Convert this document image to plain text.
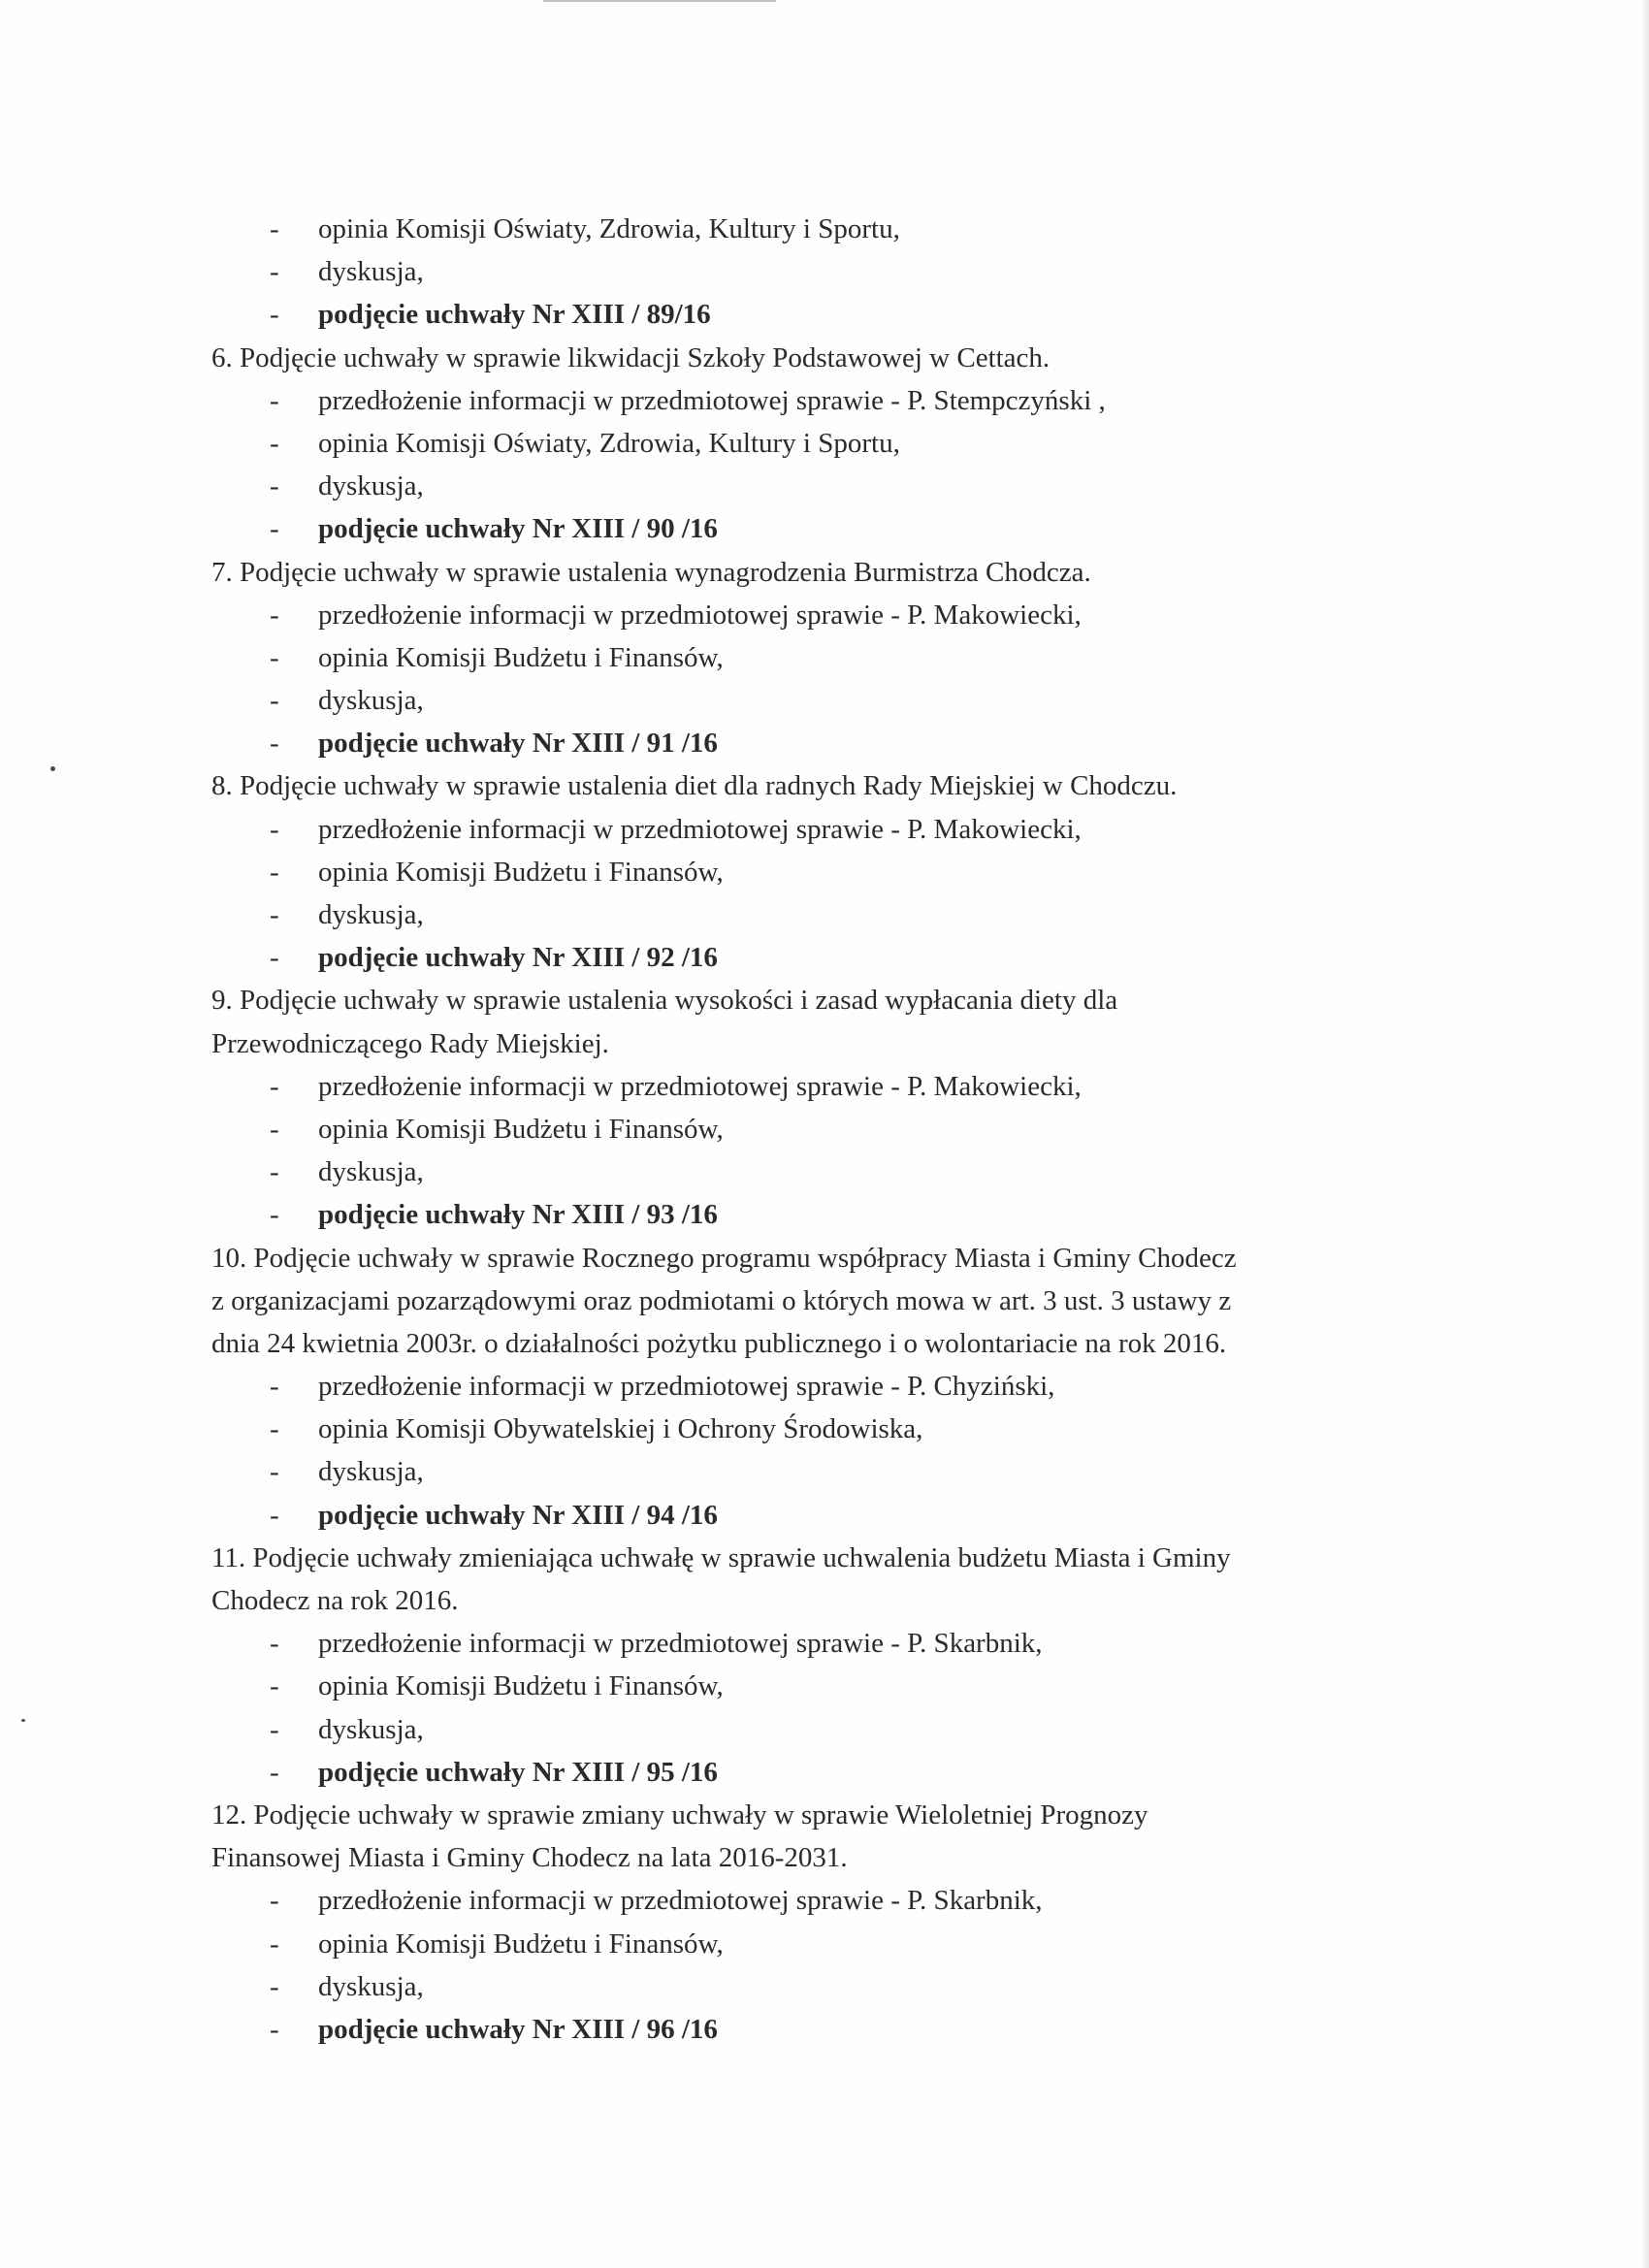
- opinia Komisji Oświaty, Zdrowia, Kultury i Sportu,
- dyskusja,
- podjęcie uchwały Nr XIII / 89/16
6. Podjęcie uchwały w sprawie likwidacji Szkoły Podstawowej w Cettach.
- przedłożenie informacji w przedmiotowej sprawie - P. Stempczyński ,
- opinia Komisji Oświaty, Zdrowia, Kultury i Sportu,
- dyskusja,
- podjęcie uchwały Nr XIII / 90 /16
7. Podjęcie uchwały w sprawie ustalenia wynagrodzenia Burmistrza Chodcza.
- przedłożenie informacji w przedmiotowej sprawie - P. Makowiecki,
- opinia Komisji Budżetu i Finansów,
- dyskusja,
- podjęcie uchwały Nr XIII / 91 /16
8. Podjęcie uchwały w sprawie ustalenia diet dla radnych Rady Miejskiej w Chodczu.
- przedłożenie informacji w przedmiotowej sprawie - P. Makowiecki,
- opinia Komisji Budżetu i Finansów,
- dyskusja,
- podjęcie uchwały Nr XIII / 92 /16
9. Podjęcie uchwały w sprawie ustalenia wysokości i zasad wypłacania diety dla
Przewodniczącego Rady Miejskiej.
- przedłożenie informacji w przedmiotowej sprawie - P. Makowiecki,
- opinia Komisji Budżetu i Finansów,
- dyskusja,
- podjęcie uchwały Nr XIII / 93 /16
10. Podjęcie uchwały w sprawie Rocznego programu współpracy Miasta i Gminy Chodecz
z organizacjami pozarządowymi oraz podmiotami o których mowa w art. 3 ust. 3 ustawy z
dnia 24 kwietnia 2003r. o działalności pożytku publicznego i o wolontariacie na rok 2016.
- przedłożenie informacji w przedmiotowej sprawie - P. Chyziński,
- opinia Komisji Obywatelskiej i Ochrony Środowiska,
- dyskusja,
- podjęcie uchwały Nr XIII / 94 /16
11. Podjęcie uchwały zmieniająca uchwałę w sprawie uchwalenia budżetu Miasta i Gminy
Chodecz na rok 2016.
- przedłożenie informacji w przedmiotowej sprawie - P. Skarbnik,
- opinia Komisji Budżetu i Finansów,
- dyskusja,
- podjęcie uchwały Nr XIII / 95 /16
12. Podjęcie uchwały w sprawie zmiany uchwały w sprawie Wieloletniej Prognozy
Finansowej Miasta i Gminy Chodecz na lata 2016-2031.
- przedłożenie informacji w przedmiotowej sprawie - P. Skarbnik,
- opinia Komisji Budżetu i Finansów,
- dyskusja,
- podjęcie uchwały Nr XIII / 96 /16
